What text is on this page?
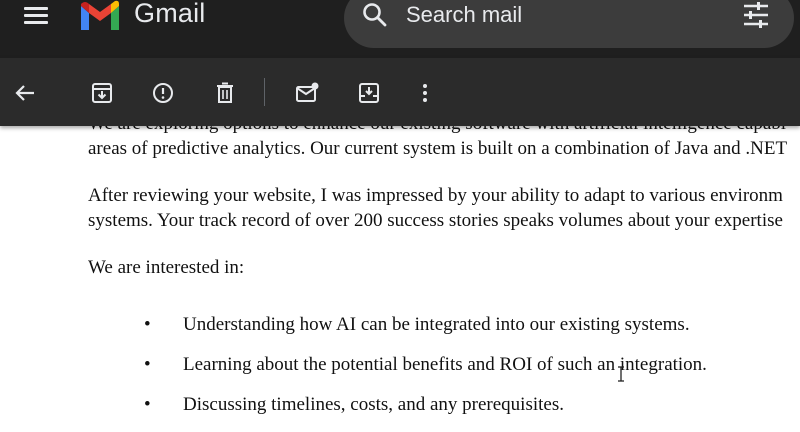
Gmail
Search mail

areas of predictive analytics. Our current system is built on a combination of Java and .NET

After reviewing your website, I was impressed by your ability to adapt to various environm
systems. Your track record of over 200 success stories speaks volumes about your expertise

We are interested in:

• Understanding how AI can be integrated into our existing systems.
• Learning about the potential benefits and ROI of such an integration.
• Discussing timelines, costs, and any prerequisites.
